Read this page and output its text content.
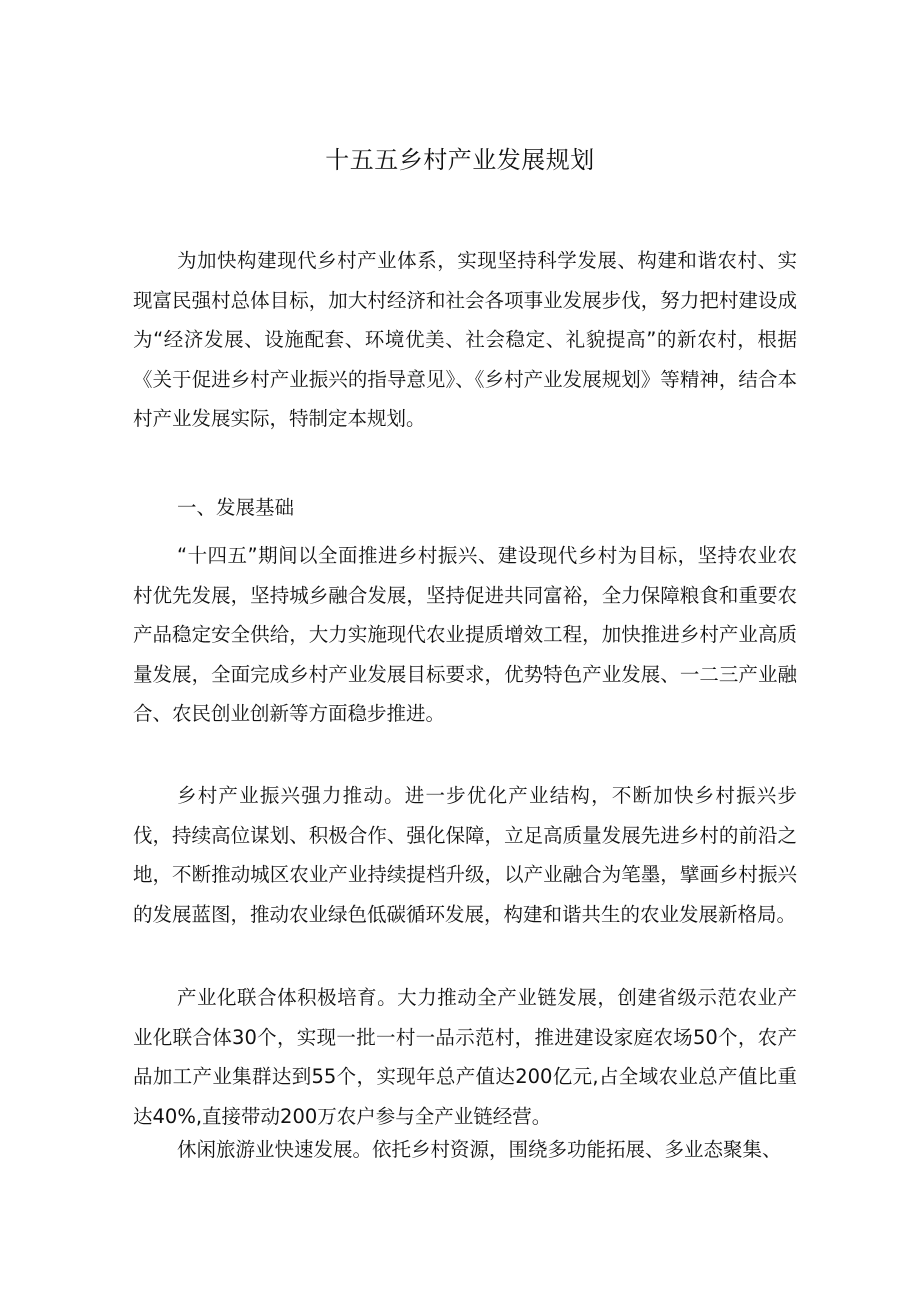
十五五乡村产业发展规划

为加快构建现代乡村产业体系，实现坚持科学发展、构建和谐农村、实现富民强村总体目标，加大村经济和社会各项事业发展步伐，努力把村建设成为“经济发展、设施配套、环境优美、社会稳定、礼貌提高”的新农村，根据《关于促进乡村产业振兴的指导意见》、《乡村产业发展规划》等精神，结合本村产业发展实际，特制定本规划。

一、发展基础

“十四五”期间以全面推进乡村振兴、建设现代乡村为目标，坚持农业农村优先发展，坚持城乡融合发展，坚持促进共同富裕，全力保障粮食和重要农产品稳定安全供给，大力实施现代农业提质增效工程，加快推进乡村产业高质量发展，全面完成乡村产业发展目标要求，优势特色产业发展、一二三产业融合、农民创业创新等方面稳步推进。

乡村产业振兴强力推动。进一步优化产业结构，不断加快乡村振兴步伐，持续高位谋划、积极合作、强化保障，立足高质量发展先进乡村的前沿之地，不断推动城区农业产业持续提档升级，以产业融合为笔墨，擘画乡村振兴的发展蓝图，推动农业绿色低碳循环发展，构建和谐共生的农业发展新格局。

产业化联合体积极培育。大力推动全产业链发展，创建省级示范农业产业化联合体30个，实现一批一村一品示范村，推进建设家庭农场50个，农产品加工产业集群达到55个，实现年总产值达200亿元,占全域农业总产值比重达40%,直接带动200万农户参与全产业链经营。

休闲旅游业快速发展。依托乡村资源，围绕多功能拓展、多业态聚集、
